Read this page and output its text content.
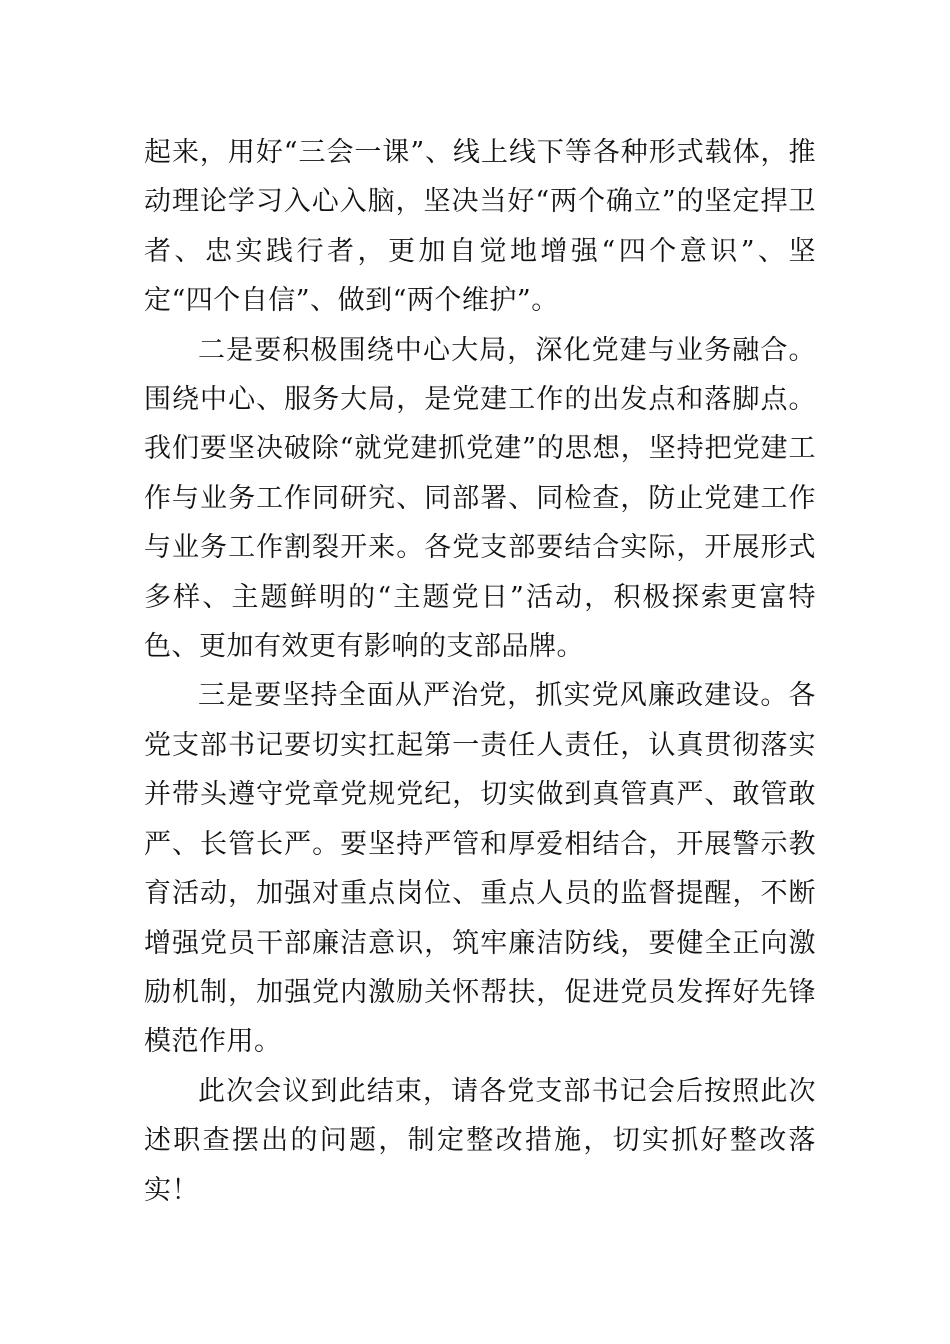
起来，用好“三会一课”、线上线下等各种形式载体，推动理论学习入心入脑，坚决当好“两个确立”的坚定捍卫者、忠实践行者，更加自觉地增强“四个意识”、坚定“四个自信”、做到“两个维护”。

二是要积极围绕中心大局，深化党建与业务融合。围绕中心、服务大局，是党建工作的出发点和落脚点。我们要坚决破除“就党建抓党建”的思想，坚持把党建工作与业务工作同研究、同部署、同检查，防止党建工作与业务工作割裂开来。各党支部要结合实际，开展形式多样、主题鲜明的“主题党日”活动，积极探索更富特色、更加有效更有影响的支部品牌。

三是要坚持全面从严治党，抓实党风廉政建设。各党支部书记要切实扛起第一责任人责任，认真贯彻落实并带头遵守党章党规党纪，切实做到真管真严、敢管敢严、长管长严。要坚持严管和厚爱相结合，开展警示教育活动，加强对重点岗位、重点人员的监督提醒，不断增强党员干部廉洁意识，筑牢廉洁防线，要健全正向激励机制，加强党内激励关怀帮扶，促进党员发挥好先锋模范作用。

此次会议到此结束，请各党支部书记会后按照此次述职查摆出的问题，制定整改措施，切实抓好整改落实！
